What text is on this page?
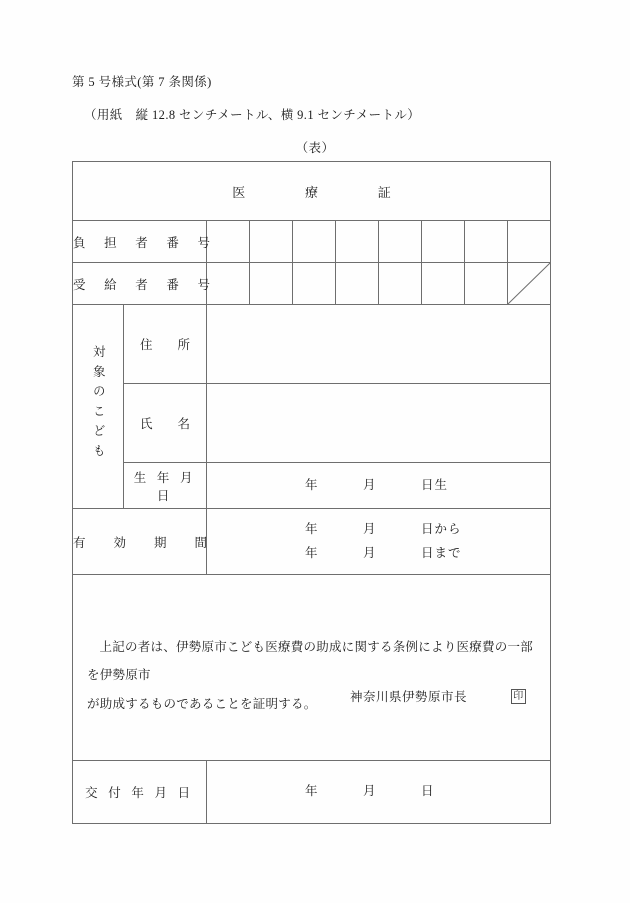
第 5 号様式(第 7 条関係)
（用紙　縦 12.8 センチメートル、横 9.1 センチメートル）
（表）
医　療　証									
負 担 者 番 号									
受 給 者 番 号								

対象のこども	住　　所								
	氏　　名								
	生 年 月 日	年 月 日生							

有　効　期　間		年 月 日から
年 月 日まで							

上記の者は、伊勢原市こども医療費の助成に関する条例により医療費の一部を伊勢原市

が助成するものであることを証明する。 神奈川県伊勢原市長 印									

交 付 年 月 日		年 月 日							
